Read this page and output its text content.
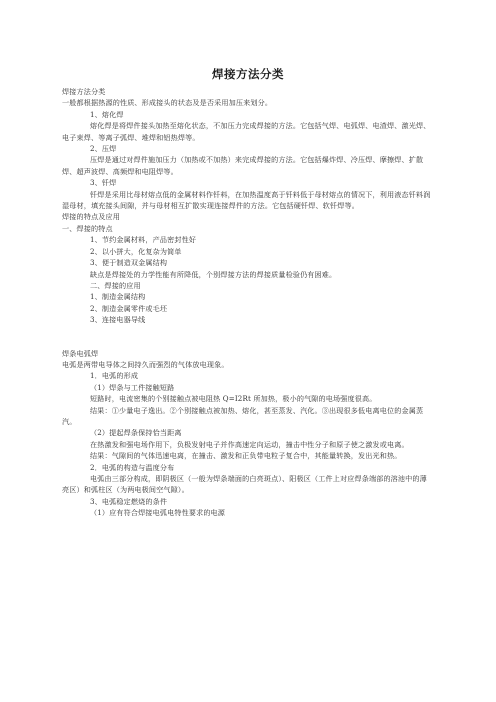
焊接方法分类

焊接方法分类

一般都根据热源的性质、形成接头的状态及是否采用加压来划分。

1、熔化焊

熔化焊是将焊件接头加热至熔化状态，不加压力完成焊接的方法。它包括气焊、电弧焊、电渣焊、激光焊、电子束焊、等离子弧焊、堆焊和铝热焊等。

2、压焊

压焊是通过对焊件施加压力（加热或不加热）来完成焊接的方法。它包括爆炸焊、冷压焊、摩擦焊、扩散焊、超声波焊、高频焊和电阻焊等。

3、钎焊

钎焊是采用比母材熔点低的金属材料作钎料，在加热温度高于钎料低于母材熔点的情况下，利用液态钎料润湿母材，填充接头间隙，并与母材相互扩散实现连接焊件的方法。它包括硬钎焊、软钎焊等。

焊接的特点及应用

一、焊接的特点

1、节约金属材料，产品密封性好

2、以小拼大，化复杂为简单

3、便于制造双金属结构

缺点是焊接处的力学性能有所降低，个别焊接方法的焊接质量检验仍有困难。

二、焊接的应用

1、制造金属结构

2、制造金属零件或毛坯

3、连接电器导线

焊条电弧焊

电弧是两带电导体之间持久而强烈的气体放电现象。

1．电弧的形成

（1）焊条与工件接触短路

短路时，电流密集的个别接触点被电阻热 Q=I2Rt 所加热，极小的气隙的电场强度很高。

结果：①少量电子逸出。②个别接触点被加热、熔化，甚至蒸发、汽化。③出现很多低电离电位的金属蒸汽。

（2）提起焊条保持恰当距离

在热激发和强电场作用下，负极发射电子并作高速定向运动，撞击中性分子和原子使之激发或电离。

结果：气隙间的气体迅速电离，在撞击、激发和正负带电粒子复合中，其能量转换，发出光和热。

2．电弧的构造与温度分布

电弧由三部分构成，即阴极区（一般为焊条端面的白亮斑点）、阳极区（工件上对应焊条端部的溶池中的薄亮区）和弧柱区（为两电极间空气隙）。

3、电弧稳定燃烧的条件

（1）应有符合焊接电弧电特性要求的电源
